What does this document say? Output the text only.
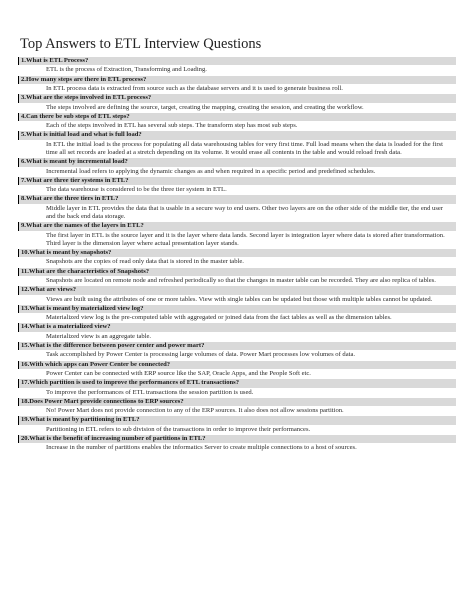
Top Answers to ETL Interview Questions
1.What is ETL Process?
ETL is the process of Extraction, Transforming and Loading.
2.How many steps are there in ETL process?
In ETL process data is extracted from source such as the database servers and it is used to generate business roll.
3.What are the steps involved in ETL process?
The steps involved are defining the source, target, creating the mapping, creating the session, and creating the workflow.
4.Can there be sub steps of ETL steps?
Each of the steps involved in ETL has several sub steps. The transform step has most sub steps.
5.What is initial load and what is full load?
In ETL the initial load is the process for populating all data warehousing tables for very first time. Full load means when the data is loaded for the first time all set records are loaded at a stretch depending on its volume. It would erase all contents in the table and would reload fresh data.
6.What is meant by incremental load?
Incremental load refers to applying the dynamic changes as and when required in a specific period and predefined schedules.
7.What are three tier systems in ETL?
The data warehouse is considered to be the three tier system in ETL.
8.What are the three tiers in ETL?
Middle layer in ETL provides the data that is usable in a secure way to end users. Other two layers are on the other side of the middle tier, the end user and the back end data storage.
9.What are the names of the layers in ETL?
The first layer in ETL is the source layer and it is the layer where data lands. Second layer is integration layer where data is stored after transformation. Third layer is the dimension layer where actual presentation layer stands.
10.What is meant by snapshots?
Snapshots are the copies of read only data that is stored in the master table.
11.What are the characteristics of Snapshots?
Snapshots are located on remote node and refreshed periodically so that the changes in master table can be recorded. They are also replica of tables.
12.What are views?
Views are built using the attributes of one or more tables. View with single tables can be updated but those with multiple tables cannot be updated.
13.What is meant by materialized view log?
Materialized view log is the pre-computed table with aggregated or joined data from the fact tables as well as the dimension tables.
14.What is a materialized view?
Materialized view is an aggregate table.
15.What is the difference between power center and power mart?
Task accomplished by Power Center is processing large volumes of data. Power Mart processes low volumes of data.
16.With which apps can Power Center be connected?
Power Center can be connected with ERP source like the SAP, Oracle Apps, and the People Soft etc.
17.Which partition is used to improve the performances of ETL transactions?
To improve the performances of ETL transactions the session partition is used.
18.Does Power Mart provide connections to ERP sources?
No! Power Mart does not provide connection to any of the ERP sources. It also does not allow sessions partition.
19.What is meant by partitioning in ETL?
Partitioning in ETL refers to sub division of the transactions in order to improve their performances.
20.What is the benefit of increasing number of partitions in ETL?
Increase in the number of partitions enables the informatics Server to create multiple connections to a host of sources.
